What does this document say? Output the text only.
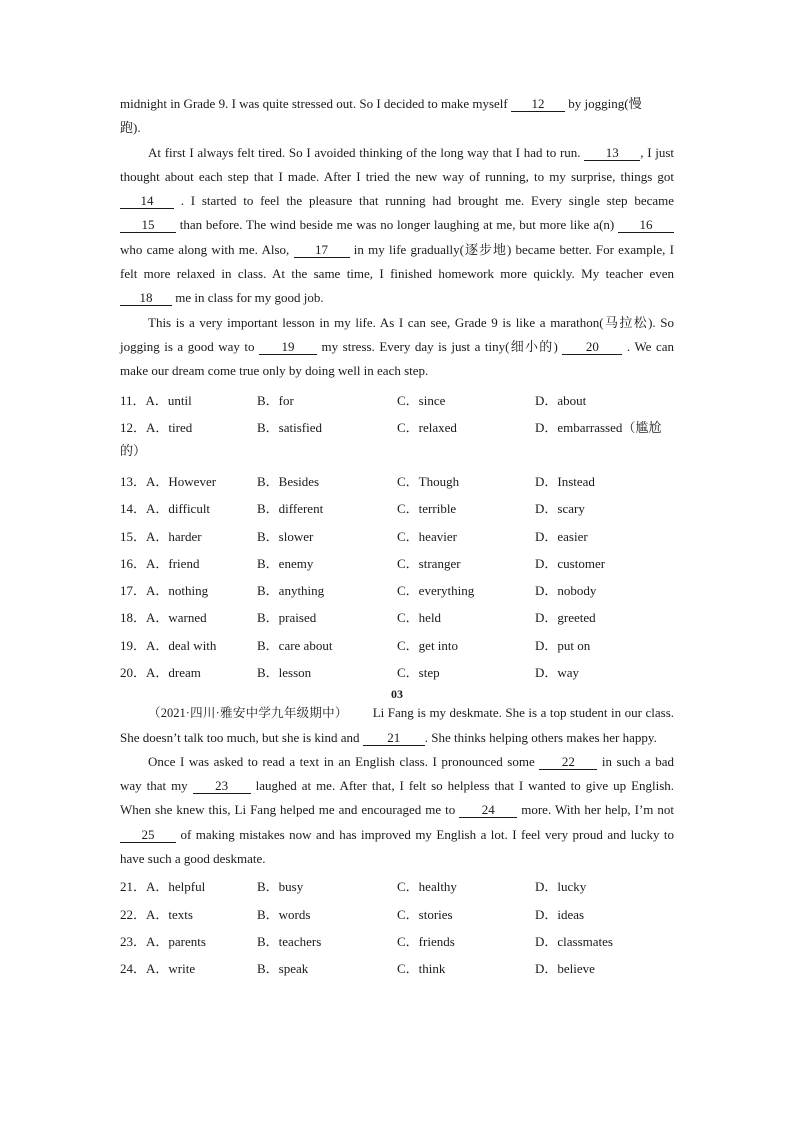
midnight in Grade 9. I was quite stressed out. So I decided to make myself 12 by jogging(慢
跑).

At first I always felt tired. So I avoided thinking of the long way that I had to run. 13 , I just thought about each step that I made. After I tried the new way of running, to my surprise, things got 14 . I started to feel the pleasure that running had brought me. Every single step became 15 than before. The wind beside me was no longer laughing at me, but more like a(n) 16 who came along with me. Also, 17 in my life gradually(逐步地) became better. For example, I felt more relaxed in class. At the same time, I finished homework more quickly. My teacher even 18 me in class for my good job.

This is a very important lesson in my life. As I can see, Grade 9 is like a marathon(马拉松). So jogging is a good way to 19 my stress. Every day is just a tiny(细小的) 20 . We can make our dream come true only by doing well in each step.

11．A．until	B．for	C．since	D．about
12．A．tired	B．satisfied	C．relaxed	D．embarrassed（尴尬
的）
13．A．However	B．Besides	C．Though	D．Instead
14．A．difficult	B．different	C．terrible	D．scary
15．A．harder	B．slower	C．heavier	D．easier
16．A．friend	B．enemy	C．stranger	D．customer
17．A．nothing	B．anything	C．everything	D．nobody
18．A．warned	B．praised	C．held	D．greeted
19．A．deal with	B．care about	C．get into	D．put on
20．A．dream	B．lesson	C．step	D．way
03

（2021·四川·雅安中学九年级期中） Li Fang is my deskmate. She is a top student in our class. She doesn’t talk too much, but she is kind and 21 . She thinks helping others makes her happy.

Once I was asked to read a text in an English class. I pronounced some 22 in such a bad way that my 23 laughed at me. After that, I felt so helpless that I wanted to give up English. When she knew this, Li Fang helped me and encouraged me to 24 more. With her help, I’m not 25 of making mistakes now and has improved my English a lot. I feel very proud and lucky to have such a good deskmate.

21．A．helpful	B．busy	C．healthy	D．lucky
22．A．texts	B．words	C．stories	D．ideas
23．A．parents	B．teachers	C．friends	D．classmates
24．A．write	B．speak	C．think	D．believe
